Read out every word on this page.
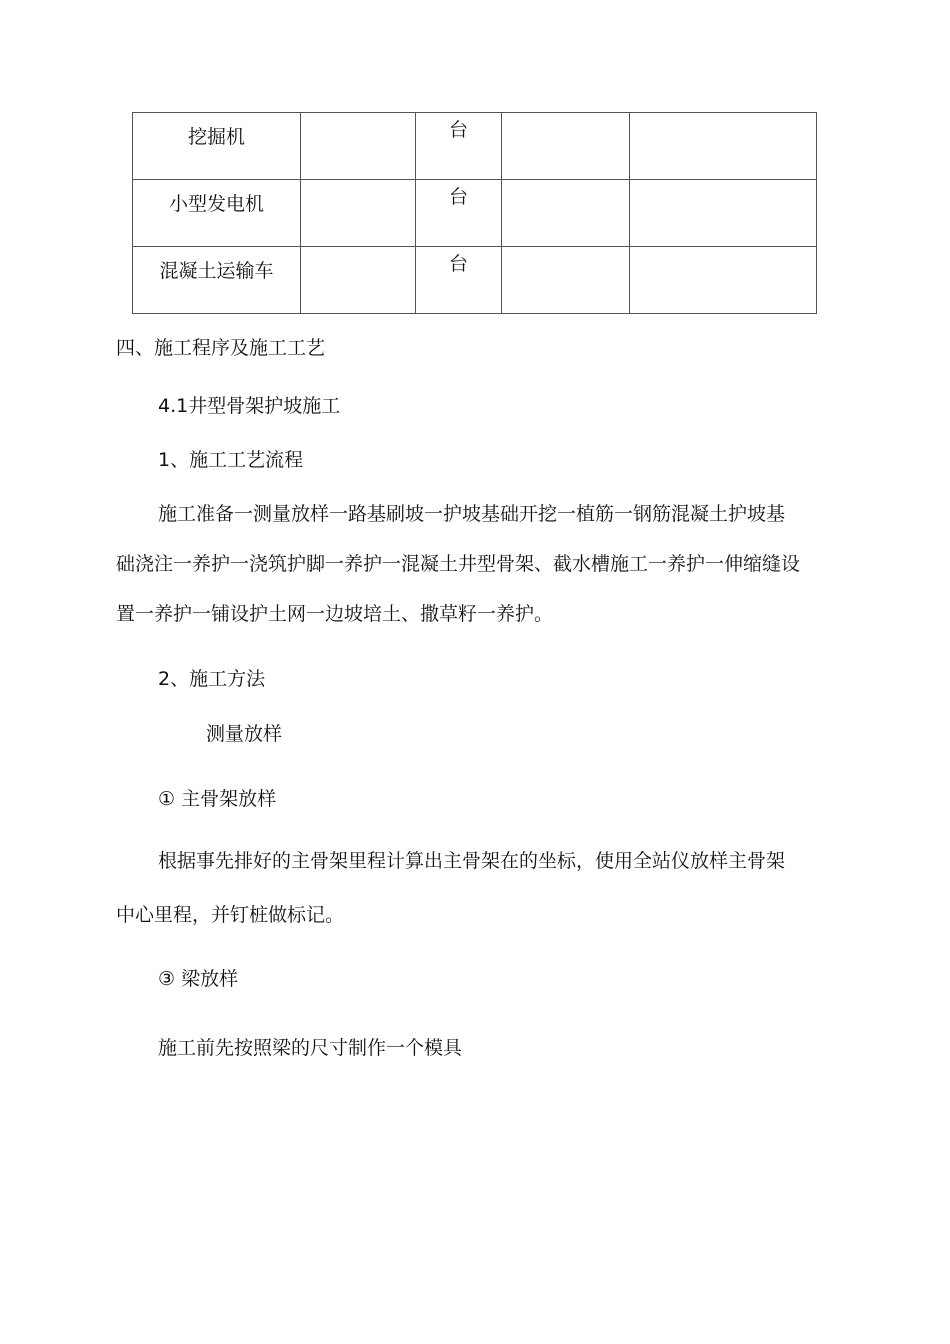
挖掘机		台		
小型发电机		台		
混凝土运输车		台		
四、施工程序及施工工艺
4.1井型骨架护坡施工
1、施工工艺流程
施工准备一测量放样一路基刷坡一护坡基础开挖一植筋一钢筋混凝土护坡基
础浇注一养护一浇筑护脚一养护一混凝土井型骨架、截水槽施工一养护一伸缩缝设
置一养护一铺设护土网一边坡培土、撒草籽一养护。
2、施工方法
测量放样
① 主骨架放样
根据事先排好的主骨架里程计算出主骨架在的坐标，使用全站仪放样主骨架
中心里程，并钉桩做标记。
③ 梁放样
施工前先按照梁的尺寸制作一个模具
